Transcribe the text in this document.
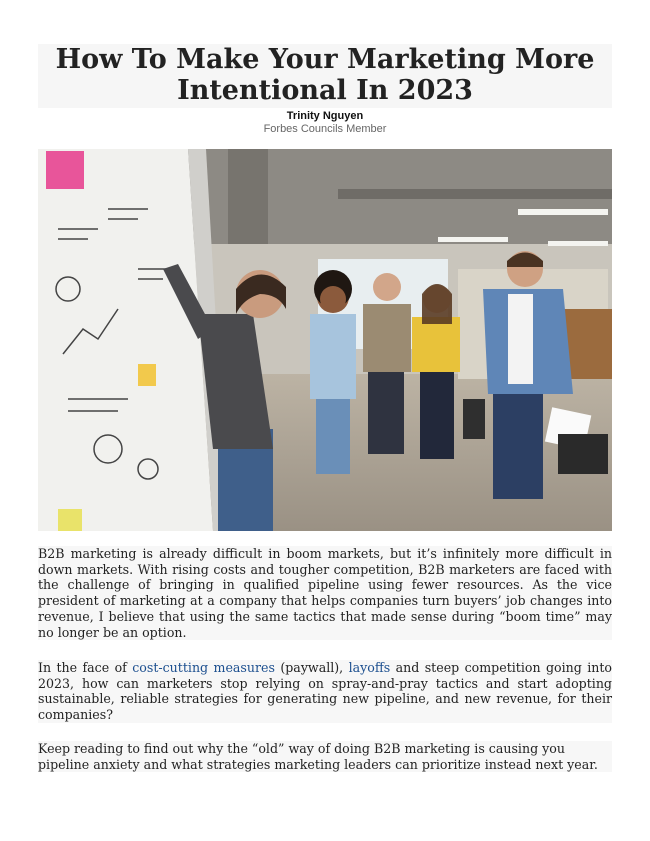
How To Make Your Marketing More Intentional In 2023
Trinity Nguyen
Forbes Councils Member

B2B marketing is already difficult in boom markets, but it’s infinitely more difficult in down markets. With rising costs and tougher competition, B2B marketers are faced with the challenge of bringing in qualified pipeline using fewer resources. As the vice president of marketing at a company that helps companies turn buyers’ job changes into revenue, I believe that using the same tactics that made sense during “boom time” may no longer be an option.

In the face of cost-cutting measures (paywall), layoffs and steep competition going into 2023, how can marketers stop relying on spray-and-pray tactics and start adopting sustainable, reliable strategies for generating new pipeline, and new revenue, for their companies?

Keep reading to find out why the “old” way of doing B2B marketing is causing you pipeline anxiety and what strategies marketing leaders can prioritize instead next year.
